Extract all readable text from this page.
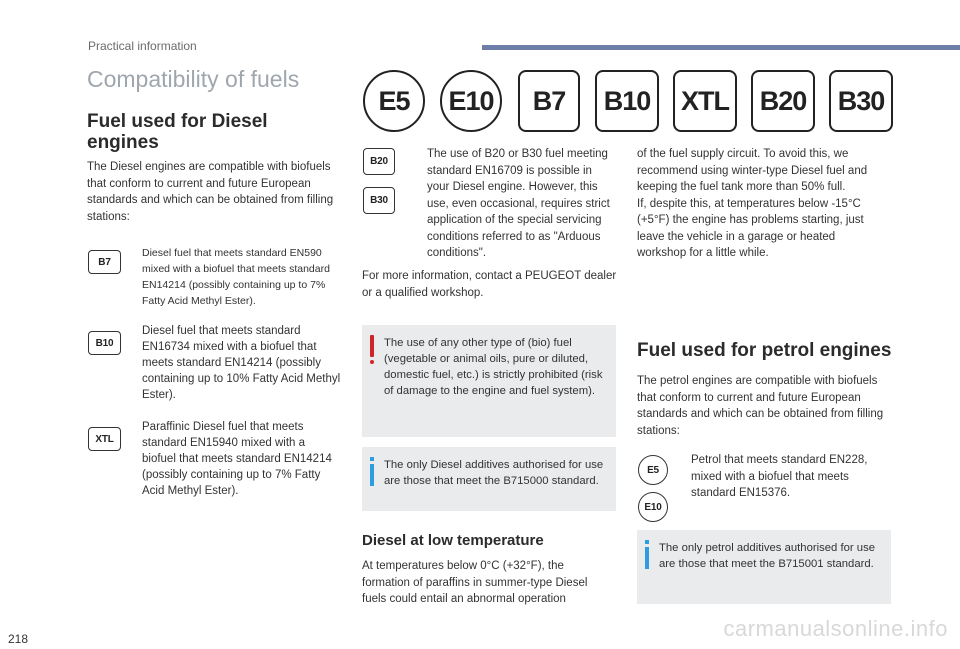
Practical information
Compatibility of fuels
E5	E10	B7	B10	XTL	B20	B30
Fuel used for Diesel engines

The Diesel engines are compatible with biofuels that conform to current and future European standards and which can be obtained from filling stations:

B7

Diesel fuel that meets standard EN590 mixed with a biofuel that meets standard EN14214 (possibly containing up to 7% Fatty Acid Methyl Ester).

B10

Diesel fuel that meets standard EN16734 mixed with a biofuel that meets standard EN14214 (possibly containing up to 10% Fatty Acid Methyl Ester).

XTL

Paraffinic Diesel fuel that meets standard EN15940 mixed with a biofuel that meets standard EN14214 (possibly containing up to 7% Fatty Acid Methyl Ester).

B20
B30

The use of B20 or B30 fuel meeting standard EN16709 is possible in your Diesel engine. However, this use, even occasional, requires strict application of the special servicing conditions referred to as "Arduous conditions".

For more information, contact a PEUGEOT dealer or a qualified workshop.

The use of any other type of (bio) fuel (vegetable or animal oils, pure or diluted, domestic fuel, etc.) is strictly prohibited (risk of damage to the engine and fuel system).
The only Diesel additives authorised for use are those that meet the B715000 standard.
Diesel at low temperature

At temperatures below 0°C (+32°F), the formation of paraffins in summer-type Diesel fuels could entail an abnormal operation

of the fuel supply circuit. To avoid this, we recommend using winter-type Diesel fuel and keeping the fuel tank more than 50% full.
If, despite this, at temperatures below -15°C (+5°F) the engine has problems starting, just leave the vehicle in a garage or heated workshop for a little while.

Fuel used for petrol engines

The petrol engines are compatible with biofuels that conform to current and future European standards and which can be obtained from filling stations:

E5
E10

Petrol that meets standard EN228, mixed with a biofuel that meets standard EN15376.

The only petrol additives authorised for use are those that meet the B715001 standard.
218	carmanualsonline.info
